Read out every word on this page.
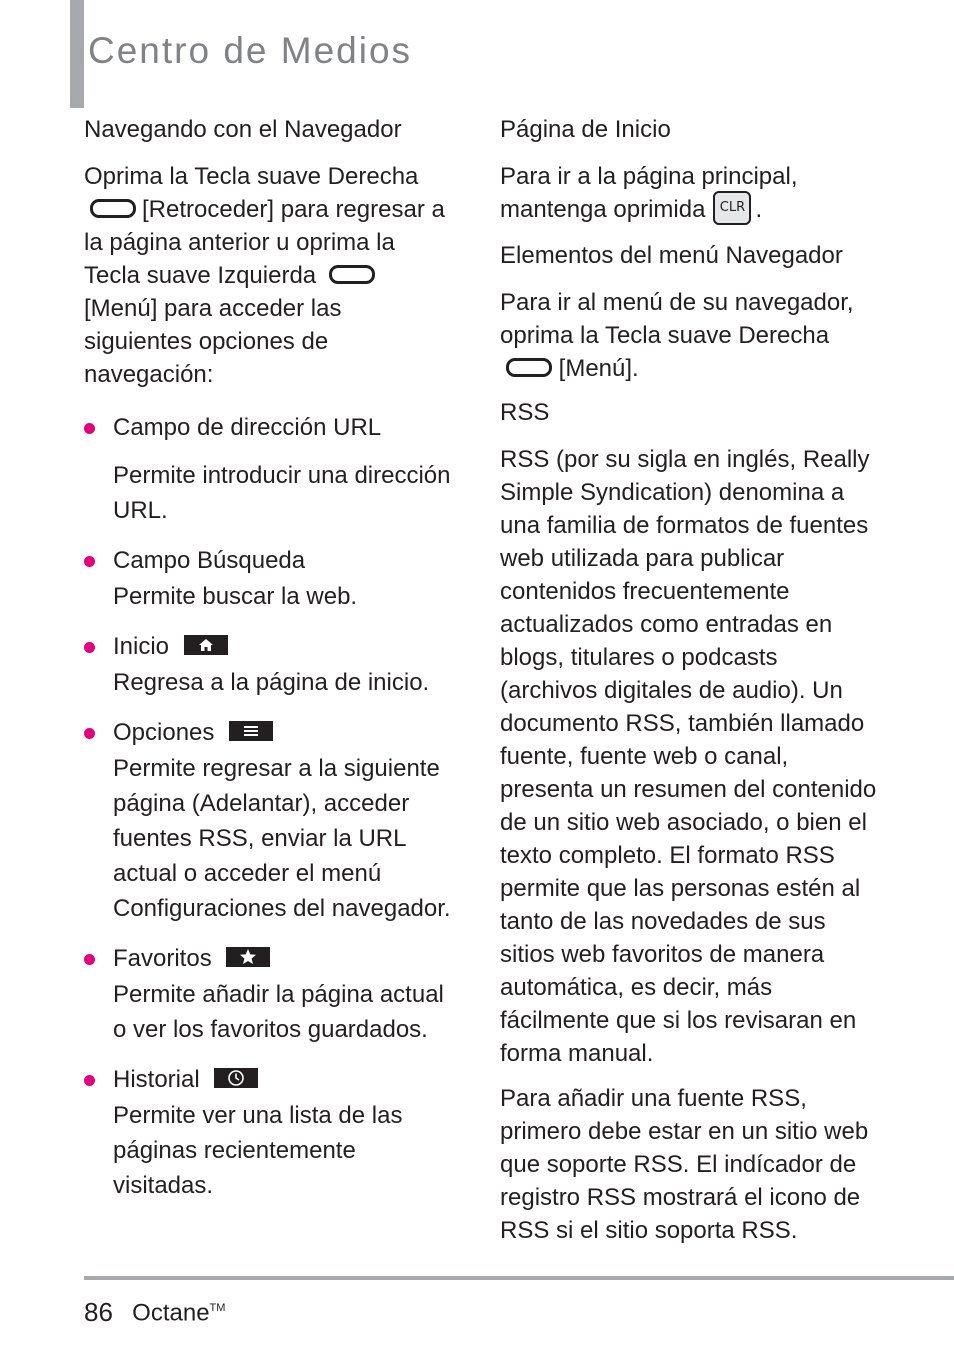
Centro de Medios
Navegando con el Navegador

Oprima la Tecla suave Derecha [Retroceder] para regresar a la página anterior u oprima la Tecla suave Izquierda [Menú] para acceder las siguientes opciones de navegación:

Campo de dirección URL
Permite introducir una dirección URL.
Campo Búsqueda
Permite buscar la web.
Inicio
Regresa a la página de inicio.
Opciones
Permite regresar a la siguiente página (Adelantar), acceder fuentes RSS, enviar la URL actual o acceder el menú Configuraciones del navegador.
Favoritos
Permite añadir la página actual o ver los favoritos guardados.
Historial
Permite ver una lista de las páginas recientemente visitadas.
Página de Inicio

Para ir a la página principal, mantenga oprimida CLR .

Elementos del menú Navegador

Para ir al menú de su navegador, oprima la Tecla suave Derecha  [Menú].

RSS

RSS (por su sigla en inglés, Really Simple Syndication) denomina a una familia de formatos de fuentes web utilizada para publicar contenidos frecuentemente actualizados como entradas en blogs, titulares o podcasts (archivos digitales de audio). Un documento RSS, también llamado fuente, fuente web o canal, presenta un resumen del contenido de un sitio web asociado, o bien el texto completo. El formato RSS permite que las personas estén al tanto de las novedades de sus sitios web favoritos de manera automática, es decir, más fácilmente que si los revisaran en forma manual.

Para añadir una fuente RSS, primero debe estar en un sitio web que soporte RSS. El indícador de registro RSS mostrará el icono de RSS si el sitio soporta RSS.

86 Octane™
